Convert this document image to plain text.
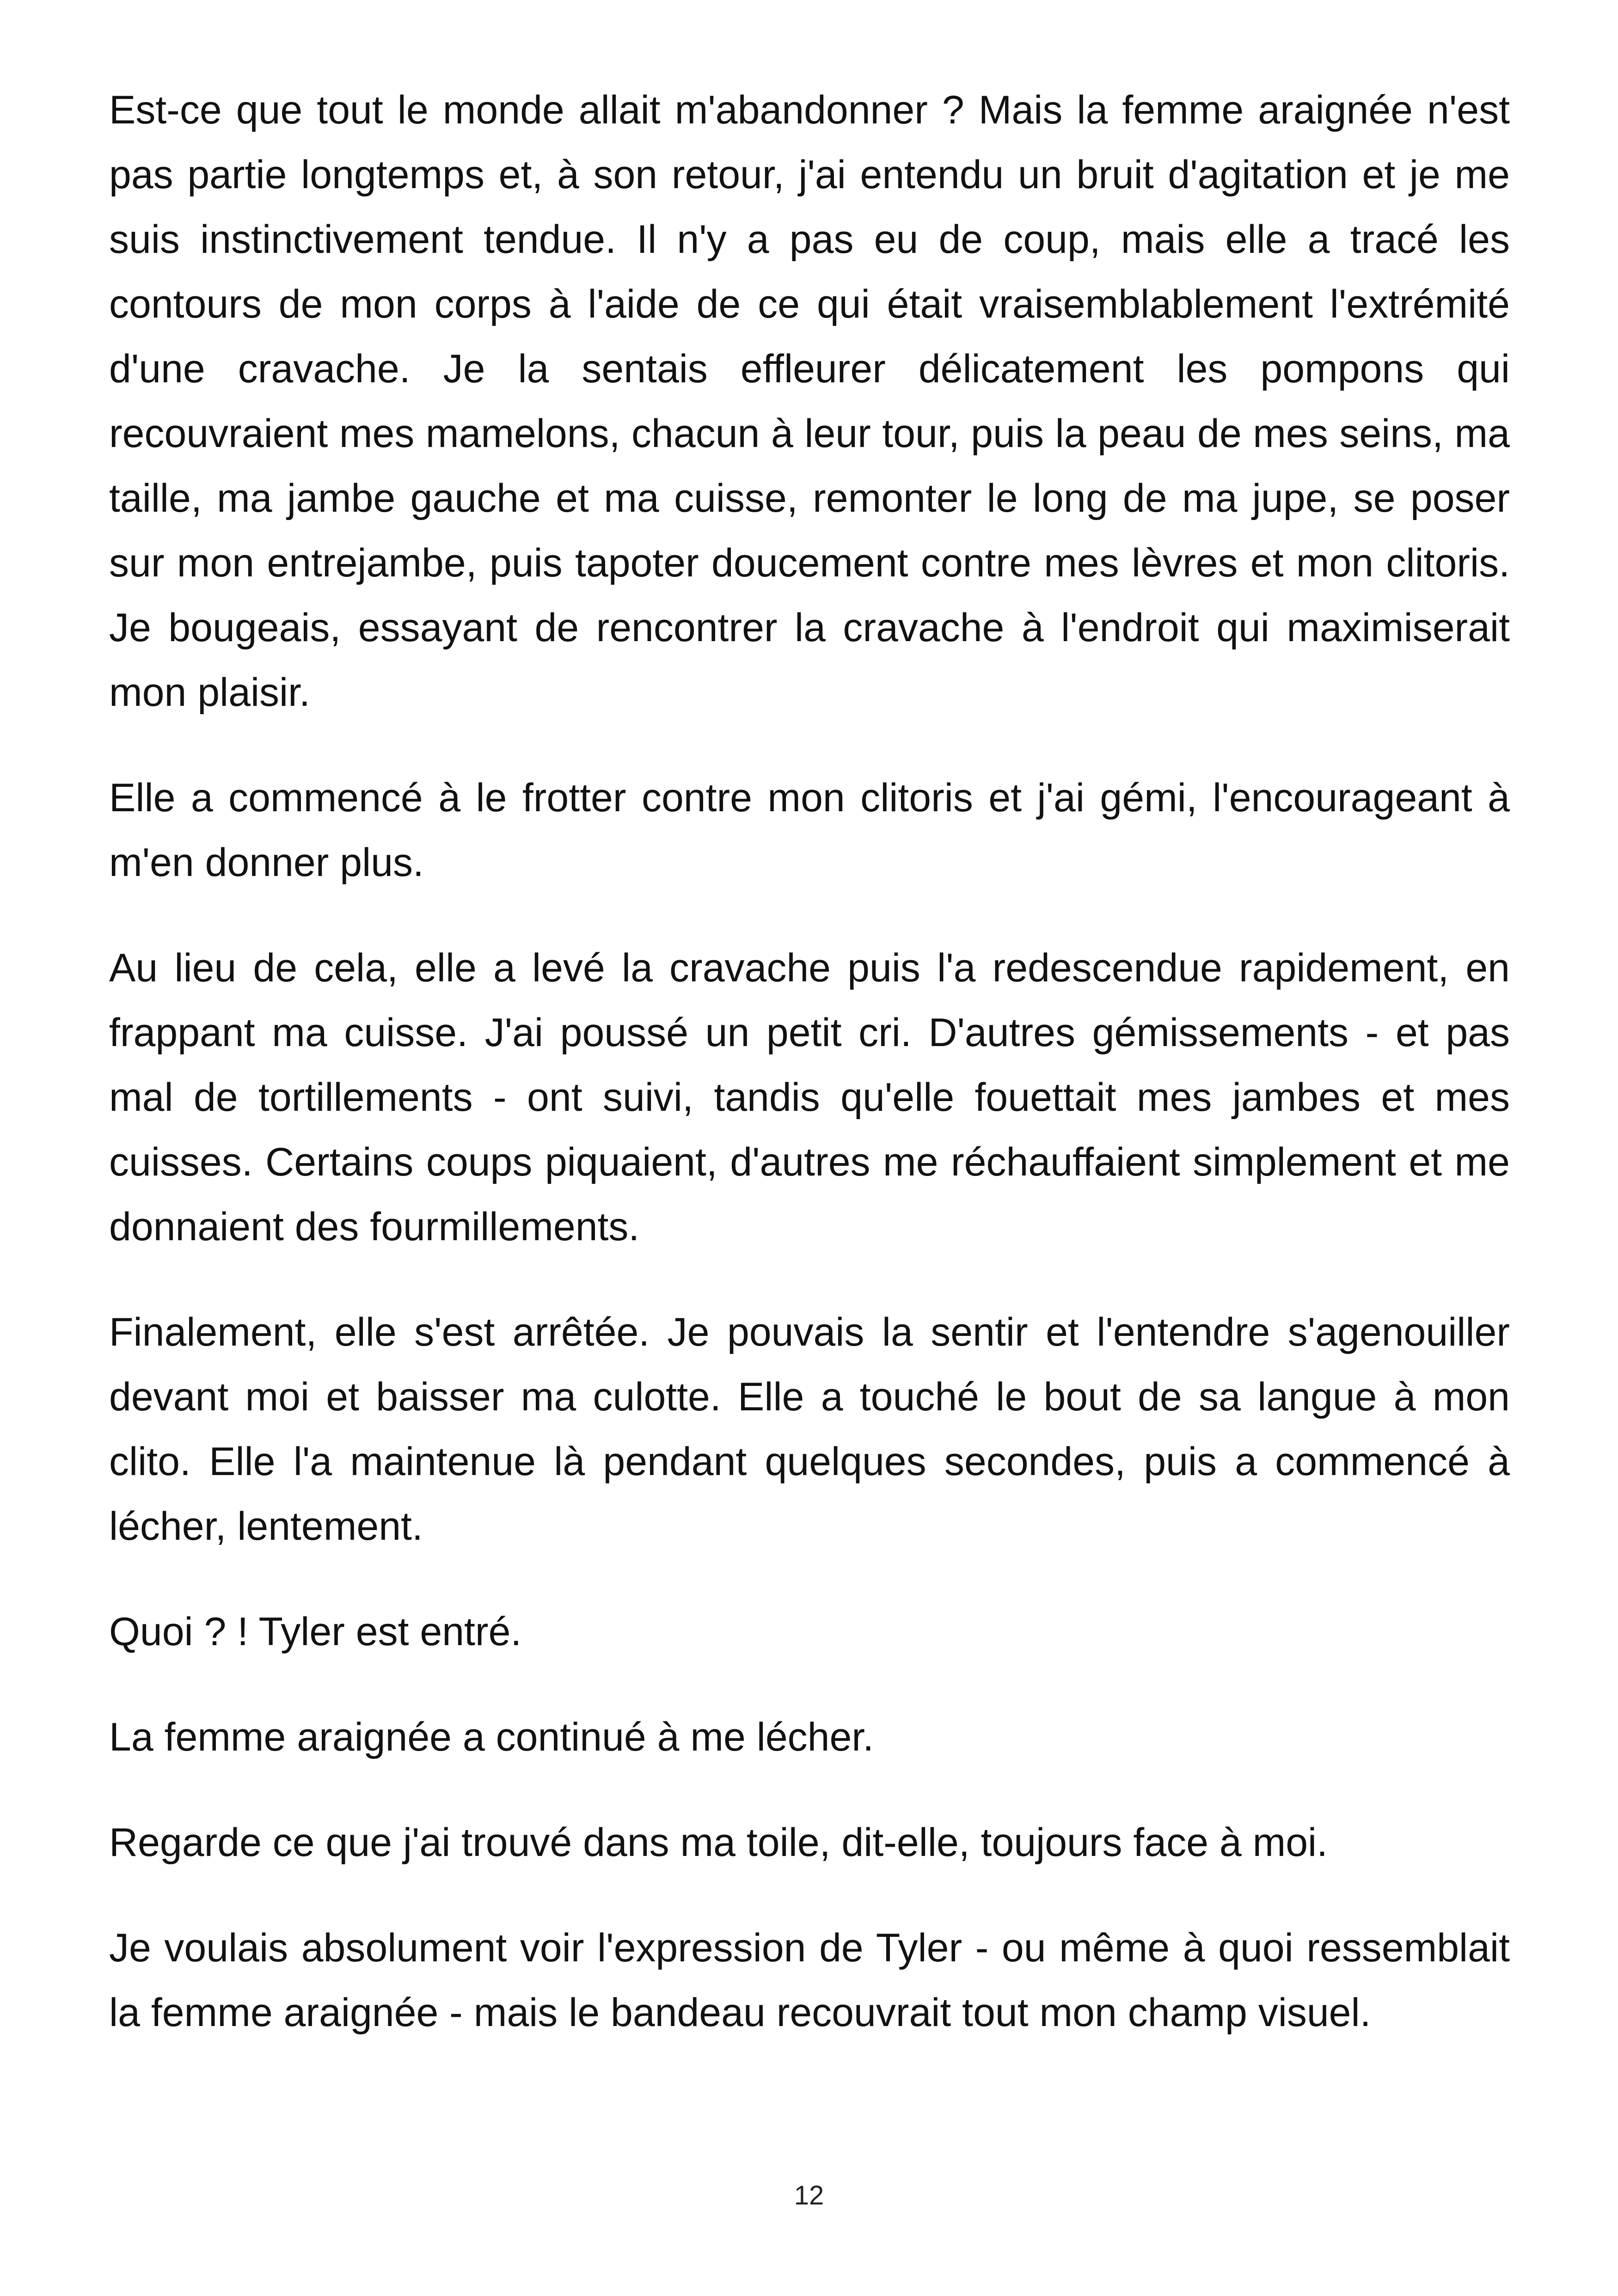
Est-ce que tout le monde allait m'abandonner ? Mais la femme araignée n'est pas partie longtemps et, à son retour, j'ai entendu un bruit d'agitation et je me suis instinctivement tendue. Il n'y a pas eu de coup, mais elle a tracé les contours de mon corps à l'aide de ce qui était vraisemblablement l'extrémité d'une cravache. Je la sentais effleurer délicatement les pompons qui recouvraient mes mamelons, chacun à leur tour, puis la peau de mes seins, ma taille, ma jambe gauche et ma cuisse, remonter le long de ma jupe, se poser sur mon entrejambe, puis tapoter doucement contre mes lèvres et mon clitoris. Je bougeais, essayant de rencontrer la cravache à l'endroit qui maximiserait mon plaisir.

Elle a commencé à le frotter contre mon clitoris et j'ai gémi, l'encourageant à m'en donner plus.

Au lieu de cela, elle a levé la cravache puis l'a redescendue rapidement, en frappant ma cuisse. J'ai poussé un petit cri. D'autres gémissements - et pas mal de tortillements - ont suivi, tandis qu'elle fouettait mes jambes et mes cuisses. Certains coups piquaient, d'autres me réchauffaient simplement et me donnaient des fourmillements.

Finalement, elle s'est arrêtée. Je pouvais la sentir et l'entendre s'agenouiller devant moi et baisser ma culotte. Elle a touché le bout de sa langue à mon clito. Elle l'a maintenue là pendant quelques secondes, puis a commencé à lécher, lentement.

Quoi ? ! Tyler est entré.

La femme araignée a continué à me lécher.

Regarde ce que j'ai trouvé dans ma toile, dit-elle, toujours face à moi.

Je voulais absolument voir l'expression de Tyler - ou même à quoi ressemblait la femme araignée - mais le bandeau recouvrait tout mon champ visuel.

12
